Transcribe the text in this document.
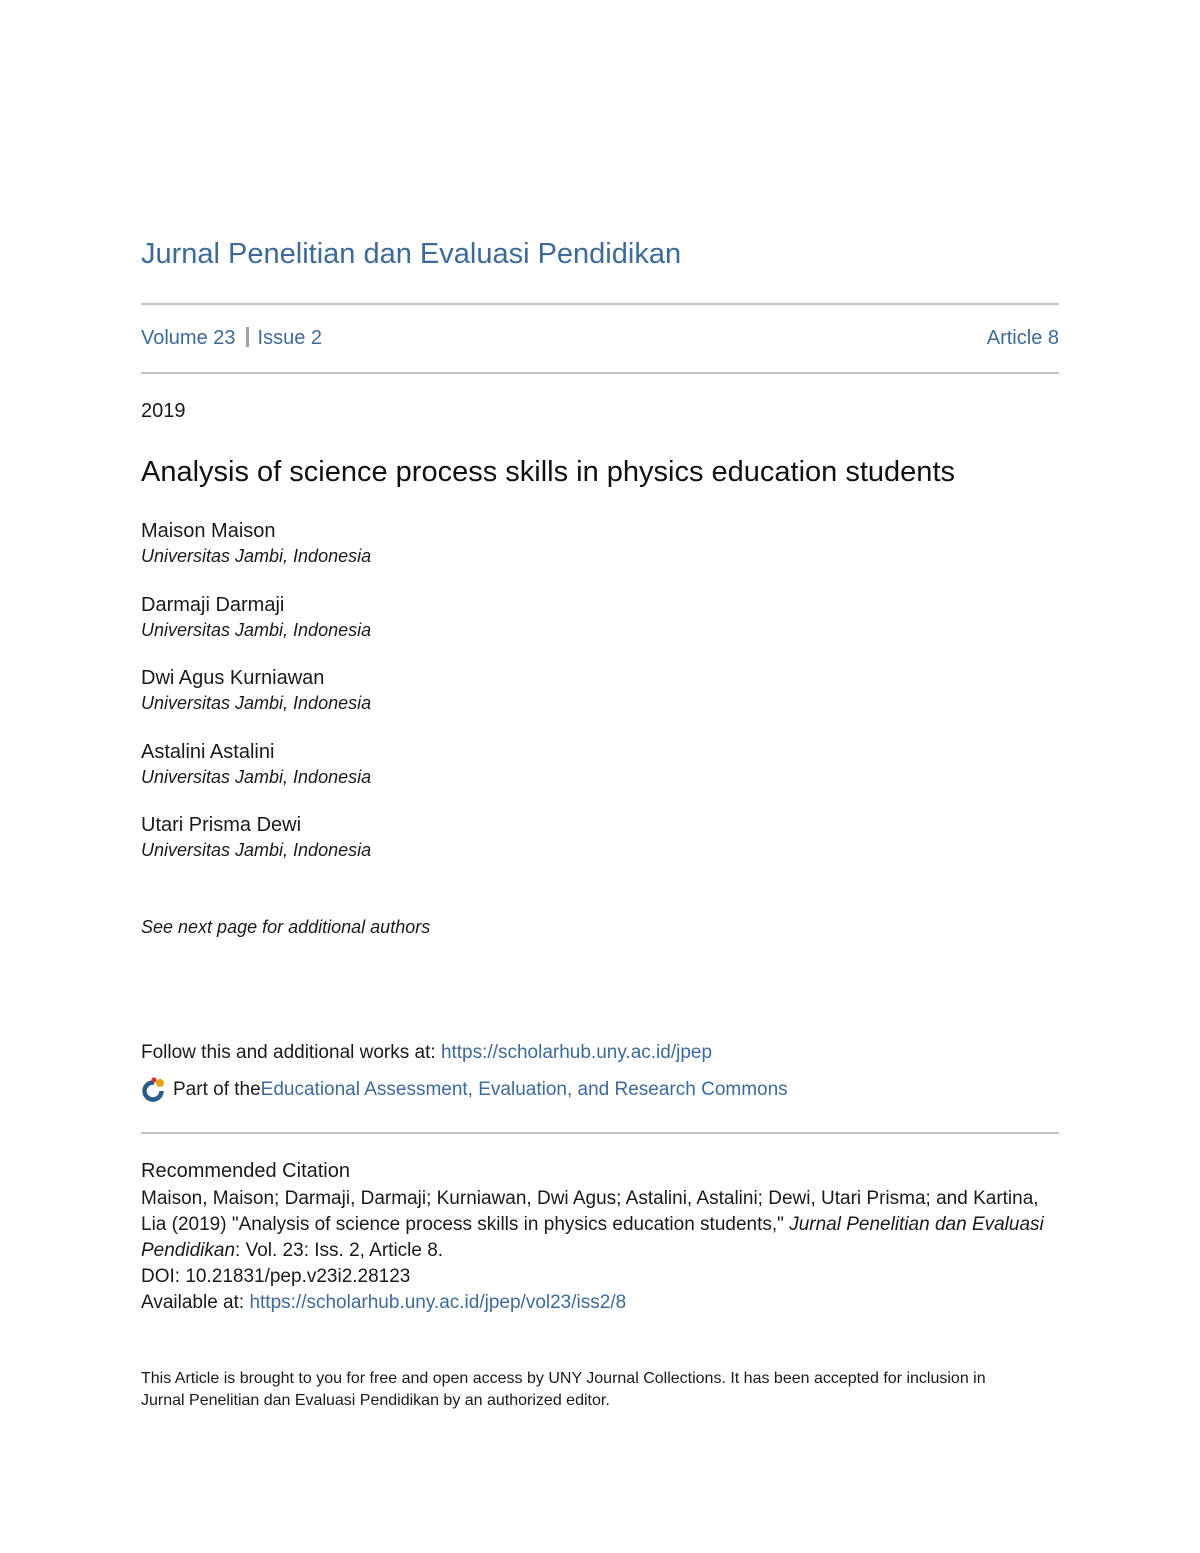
Jurnal Penelitian dan Evaluasi Pendidikan
Volume 23 Issue 2	Article 8
2019
Analysis of science process skills in physics education students
Maison Maison
Universitas Jambi, Indonesia
Darmaji Darmaji
Universitas Jambi, Indonesia
Dwi Agus Kurniawan
Universitas Jambi, Indonesia
Astalini Astalini
Universitas Jambi, Indonesia
Utari Prisma Dewi
Universitas Jambi, Indonesia
See next page for additional authors
Follow this and additional works at: https://scholarhub.uny.ac.id/jpep
Part of the Educational Assessment, Evaluation, and Research Commons
Recommended Citation

Maison, Maison; Darmaji, Darmaji; Kurniawan, Dwi Agus; Astalini, Astalini; Dewi, Utari Prisma; and Kartina,

Lia (2019) "Analysis of science process skills in physics education students," Jurnal Penelitian dan Evaluasi Pendidikan: Vol. 23: Iss. 2, Article 8.

DOI: 10.21831/pep.v23i2.28123

Available at: https://scholarhub.uny.ac.id/jpep/vol23/iss2/8

This Article is brought to you for free and open access by UNY Journal Collections. It has been accepted for inclusion in Jurnal Penelitian dan Evaluasi Pendidikan by an authorized editor.
